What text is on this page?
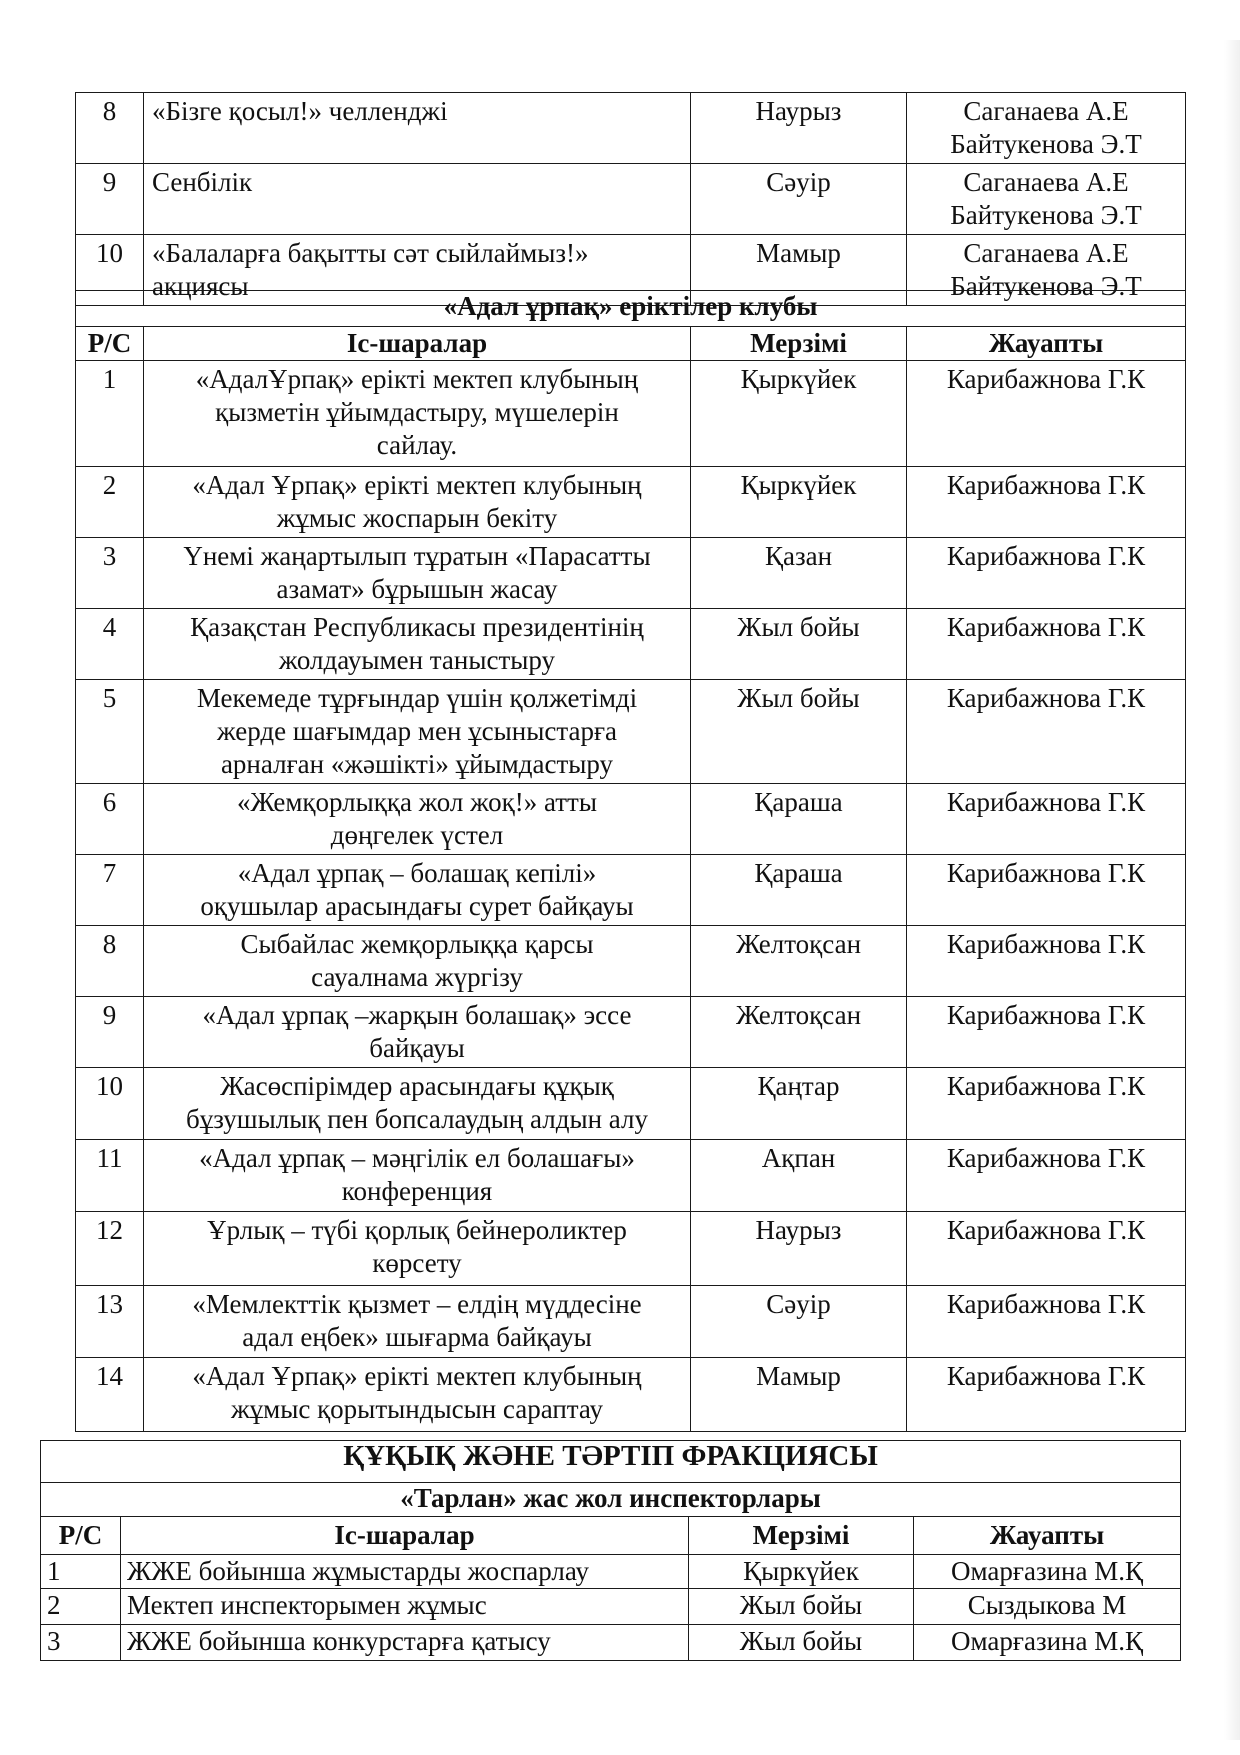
8	«Бізге қосыл!» челленджі	Наурыз	Саганаева А.Е
Байтукенова Э.Т

9	Сенбілік	Сәуір	Саганаева А.Е
Байтукенова Э.Т

10	«Балаларға бақытты сәт сыйлаймыз!»
акциясы	Мамыр	Саганаева А.Е
Байтукенова Э.Т
«Адал ұрпақ» еріктілер клубы			
Р/С	Іс-шаралар	Мерзімі	Жауапты
1	«АдалҰрпақ» ерікті мектеп клубының
қызметін ұйымдастыру, мүшелерін
сайлау.	Қыркүйек	Карибажнова Г.К
2	«Адал Ұрпақ» ерікті мектеп клубының
жұмыс жоспарын бекіту	Қыркүйек	Карибажнова Г.К
3	Үнемі жаңартылып тұратын «Парасатты
азамат» бұрышын жасау	Қазан	Карибажнова Г.К
4	Қазақстан Республикасы президентінің
жолдауымен таныстыру	Жыл бойы	Карибажнова Г.К
5	Мекемеде тұрғындар үшін қолжетімді
жерде шағымдар мен ұсыныстарға
арналған «жәшікті» ұйымдастыру	Жыл бойы	Карибажнова Г.К
6	«Жемқорлыққа жол жоқ!» атты
дөңгелек үстел	Қараша	Карибажнова Г.К
7	«Адал ұрпақ – болашақ кепілі»
оқушылар арасындағы сурет байқауы	Қараша	Карибажнова Г.К
8	Сыбайлас жемқорлыққа қарсы
сауалнама жүргізу	Желтоқсан	Карибажнова Г.К
9	«Адал ұрпақ –жарқын болашақ» эссе
байқауы	Желтоқсан	Карибажнова Г.К
10	Жасөспірімдер арасындағы құқық
бұзушылық пен бопсалаудың алдын алу	Қаңтар	Карибажнова Г.К
11	«Адал ұрпақ – мәңгілік ел болашағы»
конференция	Ақпан	Карибажнова Г.К
12	Ұрлық – түбі қорлық бейнероликтер
көрсету	Наурыз	Карибажнова Г.К
13	«Мемлекттік қызмет – елдің мүддесіне
адал еңбек» шығарма байқауы	Сәуір	Карибажнова Г.К
14	«Адал Ұрпақ» ерікті мектеп клубының
жұмыс қорытындысын сараптау	Мамыр	Карибажнова Г.К
ҚҰҚЫҚ ЖӘНЕ ТӘРТІП ФРАКЦИЯСЫ			
«Тарлан» жас жол инспекторлары			
Р/С	Іс-шаралар	Мерзімі	Жауапты
1	ЖЖЕ бойынша жұмыстарды жоспарлау	Қыркүйек	Омарғазина М.Қ
2	Мектеп инспекторымен жұмыс	Жыл бойы	Сыздыкова М
3	ЖЖЕ бойынша конкурстарға қатысу	Жыл бойы	Омарғазина М.Қ
